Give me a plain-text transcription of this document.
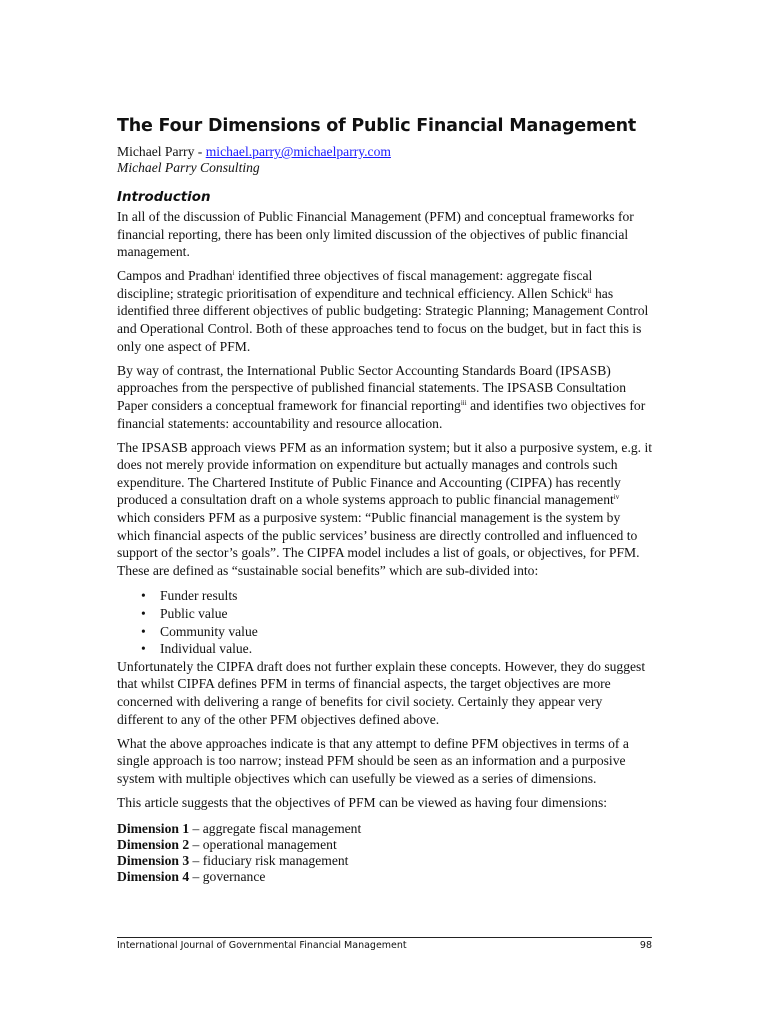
The Four Dimensions of Public Financial Management
Michael Parry - michael.parry@michaelparry.com
Michael Parry Consulting
Introduction

In all of the discussion of Public Financial Management (PFM) and conceptual frameworks for financial reporting, there has been only limited discussion of the objectives of public financial management.

Campos and Pradhan$^i$ identified three objectives of fiscal management: aggregate fiscal discipline; strategic prioritisation of expenditure and technical efficiency. Allen Schick$^{ii}$ has identified three different objectives of public budgeting: Strategic Planning; Management Control and Operational Control. Both of these approaches tend to focus on the budget, but in fact this is only one aspect of PFM.

By way of contrast, the International Public Sector Accounting Standards Board (IPSASB) approaches from the perspective of published financial statements. The IPSASB Consultation Paper considers a conceptual framework for financial reporting$^{iii}$ and identifies two objectives for financial statements: accountability and resource allocation.

The IPSASB approach views PFM as an information system; but it also a purposive system, e.g. it does not merely provide information on expenditure but actually manages and controls such expenditure. The Chartered Institute of Public Finance and Accounting (CIPFA) has recently produced a consultation draft on a whole systems approach to public financial management$^{iv}$ which considers PFM as a purposive system: “Public financial management is the system by which financial aspects of the public services’ business are directly controlled and influenced to support of the sector’s goals”. The CIPFA model includes a list of goals, or objectives, for PFM. These are defined as “sustainable social benefits” which are sub-divided into:

• Funder results
• Public value
• Community value
• Individual value.

Unfortunately the CIPFA draft does not further explain these concepts. However, they do suggest that whilst CIPFA defines PFM in terms of financial aspects, the target objectives are more concerned with delivering a range of benefits for civil society. Certainly they appear very different to any of the other PFM objectives defined above.

What the above approaches indicate is that any attempt to define PFM objectives in terms of a single approach is too narrow; instead PFM should be seen as an information and a purposive system with multiple objectives which can usefully be viewed as a series of dimensions.

This article suggests that the objectives of PFM can be viewed as having four dimensions:

Dimension 1 – aggregate fiscal management
Dimension 2 – operational management
Dimension 3 – fiduciary risk management
Dimension 4 – governance
International Journal of Governmental Financial Management	98
